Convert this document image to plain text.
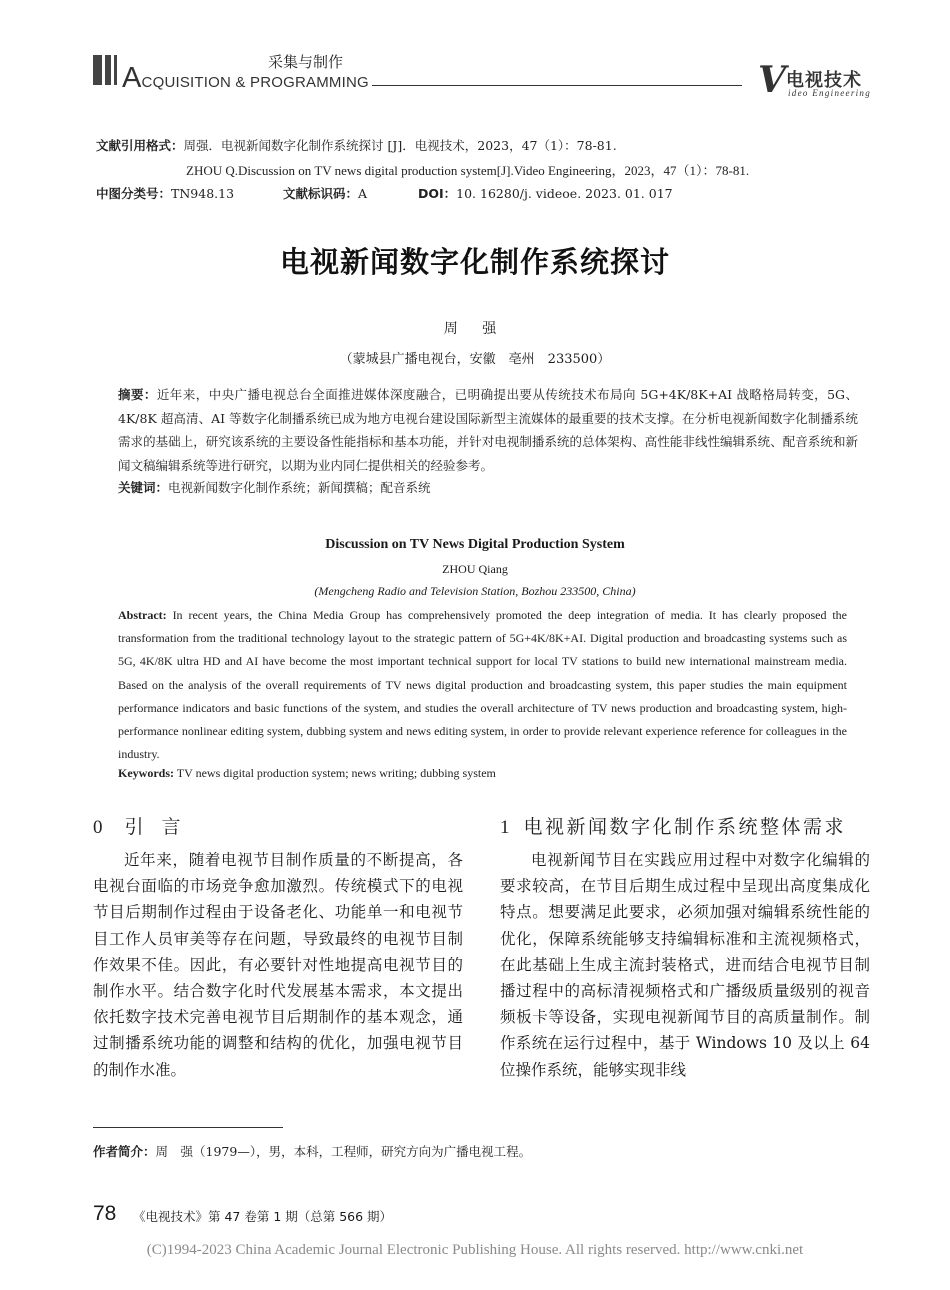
采集与制作
ACQUISITION & PROGRAMMING	V 电视技术
ideo Engineering
文献引用格式：周强．电视新闻数字化制作系统探讨 [J]．电视技术，2023，47（1）：78-81.
ZHOU Q.Discussion on TV news digital production system[J].Video Engineering，2023，47（1）：78-81.
中图分类号：TN948.13	文献标识码：A	DOI：10. 16280/j. videoe. 2023. 01. 017
电视新闻数字化制作系统探讨
周 强
（蒙城县广播电视台，安徽　亳州　233500）
摘要：近年来，中央广播电视总台全面推进媒体深度融合，已明确提出要从传统技术布局向 5G+4K/8K+AI 战略格局转变，5G、4K/8K 超高清、AI 等数字化制播系统已成为地方电视台建设国际新型主流媒体的最重要的技术支撑。在分析电视新闻数字化制播系统需求的基础上，研究该系统的主要设备性能指标和基本功能，并针对电视制播系统的总体架构、高性能非线性编辑系统、配音系统和新闻文稿编辑系统等进行研究，以期为业内同仁提供相关的经验参考。
关键词：电视新闻数字化制作系统；新闻撰稿；配音系统
Discussion on TV News Digital Production System
ZHOU Qiang
(Mengcheng Radio and Television Station, Bozhou 233500, China)
Abstract: In recent years, the China Media Group has comprehensively promoted the deep integration of media. It has clearly proposed the transformation from the traditional technology layout to the strategic pattern of 5G+4K/8K+AI. Digital production and broadcasting systems such as 5G, 4K/8K ultra HD and AI have become the most important technical support for local TV stations to build new international mainstream media. Based on the analysis of the overall requirements of TV news digital production and broadcasting system, this paper studies the main equipment performance indicators and basic functions of the system, and studies the overall architecture of TV news production and broadcasting system, high-performance nonlinear editing system, dubbing system and news editing system, in order to provide relevant experience reference for colleagues in the industry.
Keywords: TV news digital production system; news writing; dubbing system
0 引言

近年来，随着电视节目制作质量的不断提高，各电视台面临的市场竞争愈加激烈。传统模式下的电视节目后期制作过程由于设备老化、功能单一和电视节目工作人员审美等存在问题，导致最终的电视节目制作效果不佳。因此，有必要针对性地提高电视节目的制作水平。结合数字化时代发展基本需求，本文提出依托数字技术完善电视节目后期制作的基本观念，通过制播系统功能的调整和结构的优化，加强电视节目的制作水准。

1 电视新闻数字化制作系统整体需求

电视新闻节目在实践应用过程中对数字化编辑的要求较高，在节目后期生成过程中呈现出高度集成化特点。想要满足此要求，必须加强对编辑系统性能的优化，保障系统能够支持编辑标准和主流视频格式，在此基础上生成主流封装格式，进而结合电视节目制播过程中的高标清视频格式和广播级质量级别的视音频板卡等设备，实现电视新闻节目的高质量制作。制作系统在运行过程中，基于 Windows 10 及以上 64 位操作系统，能够实现非线

作者简介：周　强（1979—），男，本科，工程师，研究方向为广播电视工程。
78 《电视技术》第 47 卷第 1 期（总第 566 期）
(C)1994-2023 China Academic Journal Electronic Publishing House. All rights reserved. http://www.cnki.net
